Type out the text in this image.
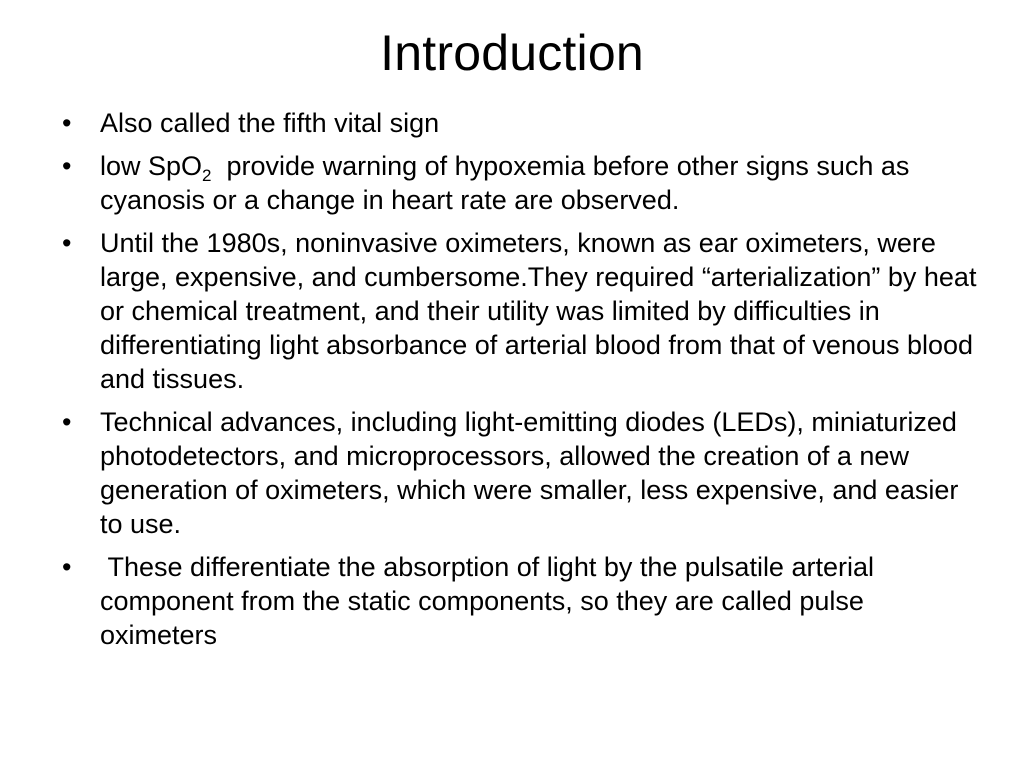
Introduction
•	Also called the fifth vital sign
•	low SpO$_2$  provide warning of hypoxemia before other signs such as cyanosis or a change in heart rate are observed.
•	Until the 1980s, noninvasive oximeters, known as ear oximeters, were large, expensive, and cumbersome.They required “arterialization” by heat or chemical treatment, and their utility was limited by difficulties in differentiating light absorbance of arterial blood from that of venous blood and tissues.
•	Technical advances, including light-emitting diodes (LEDs), miniaturized photodetectors, and microprocessors, allowed the creation of a new generation of oximeters, which were smaller, less expensive, and easier to use.
•	These differentiate the absorption of light by the pulsatile arterial component from the static components, so they are called pulse oximeters
